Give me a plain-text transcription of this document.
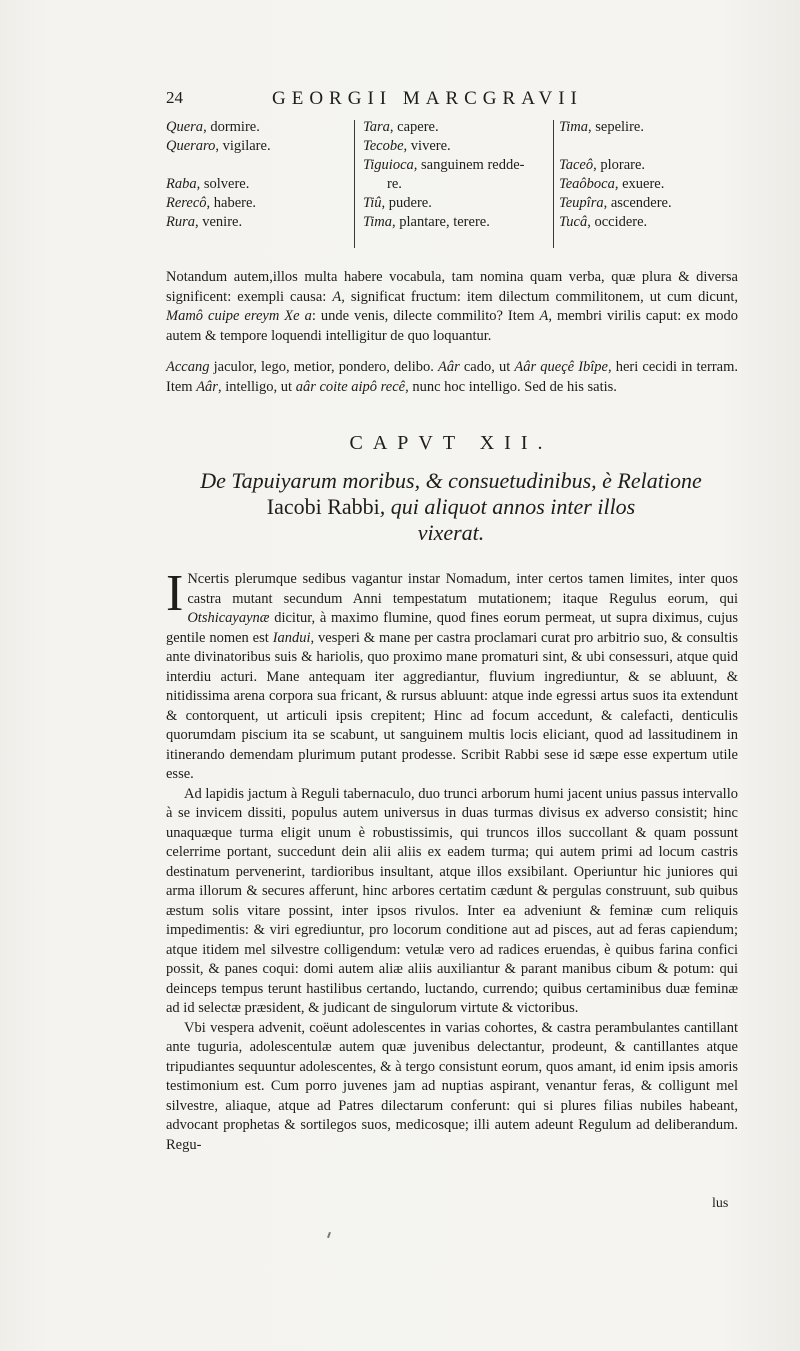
24	GEORGII MARCGRAVII
Quera, dormire.
Queraro, vigilare.
Raba, solvere.
Rerecô, habere.
Rura, venire.
Tara, capere.
Tecobe, vivere.
Tiguioca, sanguinem redde-
re.
Tiû, pudere.
Tima, plantare, terere.
Tima, sepelire.
Taceô, plorare.
Teaôboca, exuere.
Teupîra, ascendere.
Tucâ, occidere.
Notandum autem,illos multa habere vocabula, tam nomina quam verba, quæ plura & diversa significent: exempli causa: A, significat fructum: item dilectum commilitonem, ut cum dicunt, Mamô cuipe ereym Xe a: unde venis, dilecte commilito? Item A, membri virilis caput: ex modo autem & tempore loquendi intelligitur de quo loquantur.
Accang jaculor, lego, metior, pondero, delibo. Aâr cado, ut Aâr queçê Ibîpe, heri cecidi in terram. Item Aâr, intelligo, ut aâr coite aipô recê, nunc hoc intelligo. Sed de his satis.
CAPVT XII.
De Tapuiyarum moribus, & consuetudinibus, è Relatione
Iacobi Rabbi, qui aliquot annos inter illos
vixerat.

I Ncertis plerumque sedibus vagantur instar Nomadum, inter certos tamen limites, inter quos castra mutant secundum Anni tempestatum mutationem; itaque Regulus eorum, qui Otshicayaynæ dicitur, à maximo flumine, quod fines eorum permeat, ut supra diximus, cujus gentile nomen est Iandui, vesperi & mane per castra proclamari curat pro arbitrio suo, & consultis ante divinatoribus suis & hariolis, quo proximo mane promaturi sint, & ubi consessuri, atque quid interdiu acturi. Mane antequam iter aggrediantur, fluvium ingrediuntur, & se abluunt, & nitidissima arena corpora sua fricant, & rursus abluunt: atque inde egressi artus suos ita extendunt & contorquent, ut articuli ipsis crepitent; Hinc ad focum accedunt, & calefacti, denticulis quorumdam piscium ita se scabunt, ut sanguinem multis locis eliciant, quod ad lassitudinem in itinerando demendam plurimum putant prodesse. Scribit Rabbi sese id sæpe esse expertum utile esse.

Ad lapidis jactum à Reguli tabernaculo, duo trunci arborum humi jacent unius passus intervallo à se invicem dissiti, populus autem universus in duas turmas divisus ex adverso consistit; hinc unaquæque turma eligit unum è robustissimis, qui truncos illos succollant & quam possunt celerrime portant, succedunt dein alii aliis ex eadem turma; qui autem primi ad locum castris destinatum pervenerint, tardioribus insultant, atque illos exsibilant. Operiuntur hic juniores qui arma illorum & secures afferunt, hinc arbores certatim cædunt & pergulas construunt, sub quibus æstum solis vitare possint, inter ipsos rivulos. Inter ea adveniunt & feminæ cum reliquis impedimentis: & viri egrediuntur, pro locorum conditione aut ad pisces, aut ad feras capiendum; atque itidem mel silvestre colligendum: vetulæ vero ad radices eruendas, è quibus farina confici possit, & panes coqui: domi autem aliæ aliis auxiliantur & parant manibus cibum & potum: qui deinceps tempus terunt hastilibus certando, luctando, currendo; quibus certaminibus duæ feminæ ad id selectæ præsident, & judicant de singulorum virtute & victoribus.

Vbi vespera advenit, coëunt adolescentes in varias cohortes, & castra perambulantes cantillant ante tuguria, adolescentulæ autem quæ juvenibus delectantur, prodeunt, & cantillantes atque tripudiantes sequuntur adolescentes, & à tergo consistunt eorum, quos amant, id enim ipsis amoris testimonium est. Cum porro juvenes jam ad nuptias aspirant, venantur feras, & colligunt mel silvestre, aliaque, atque ad Patres dilectarum conferunt: qui si plures filias nubiles habeant, advocant prophetas & sortilegos suos, medicosque; illi autem adeunt Regulum ad deliberandum. Regu-

lus
